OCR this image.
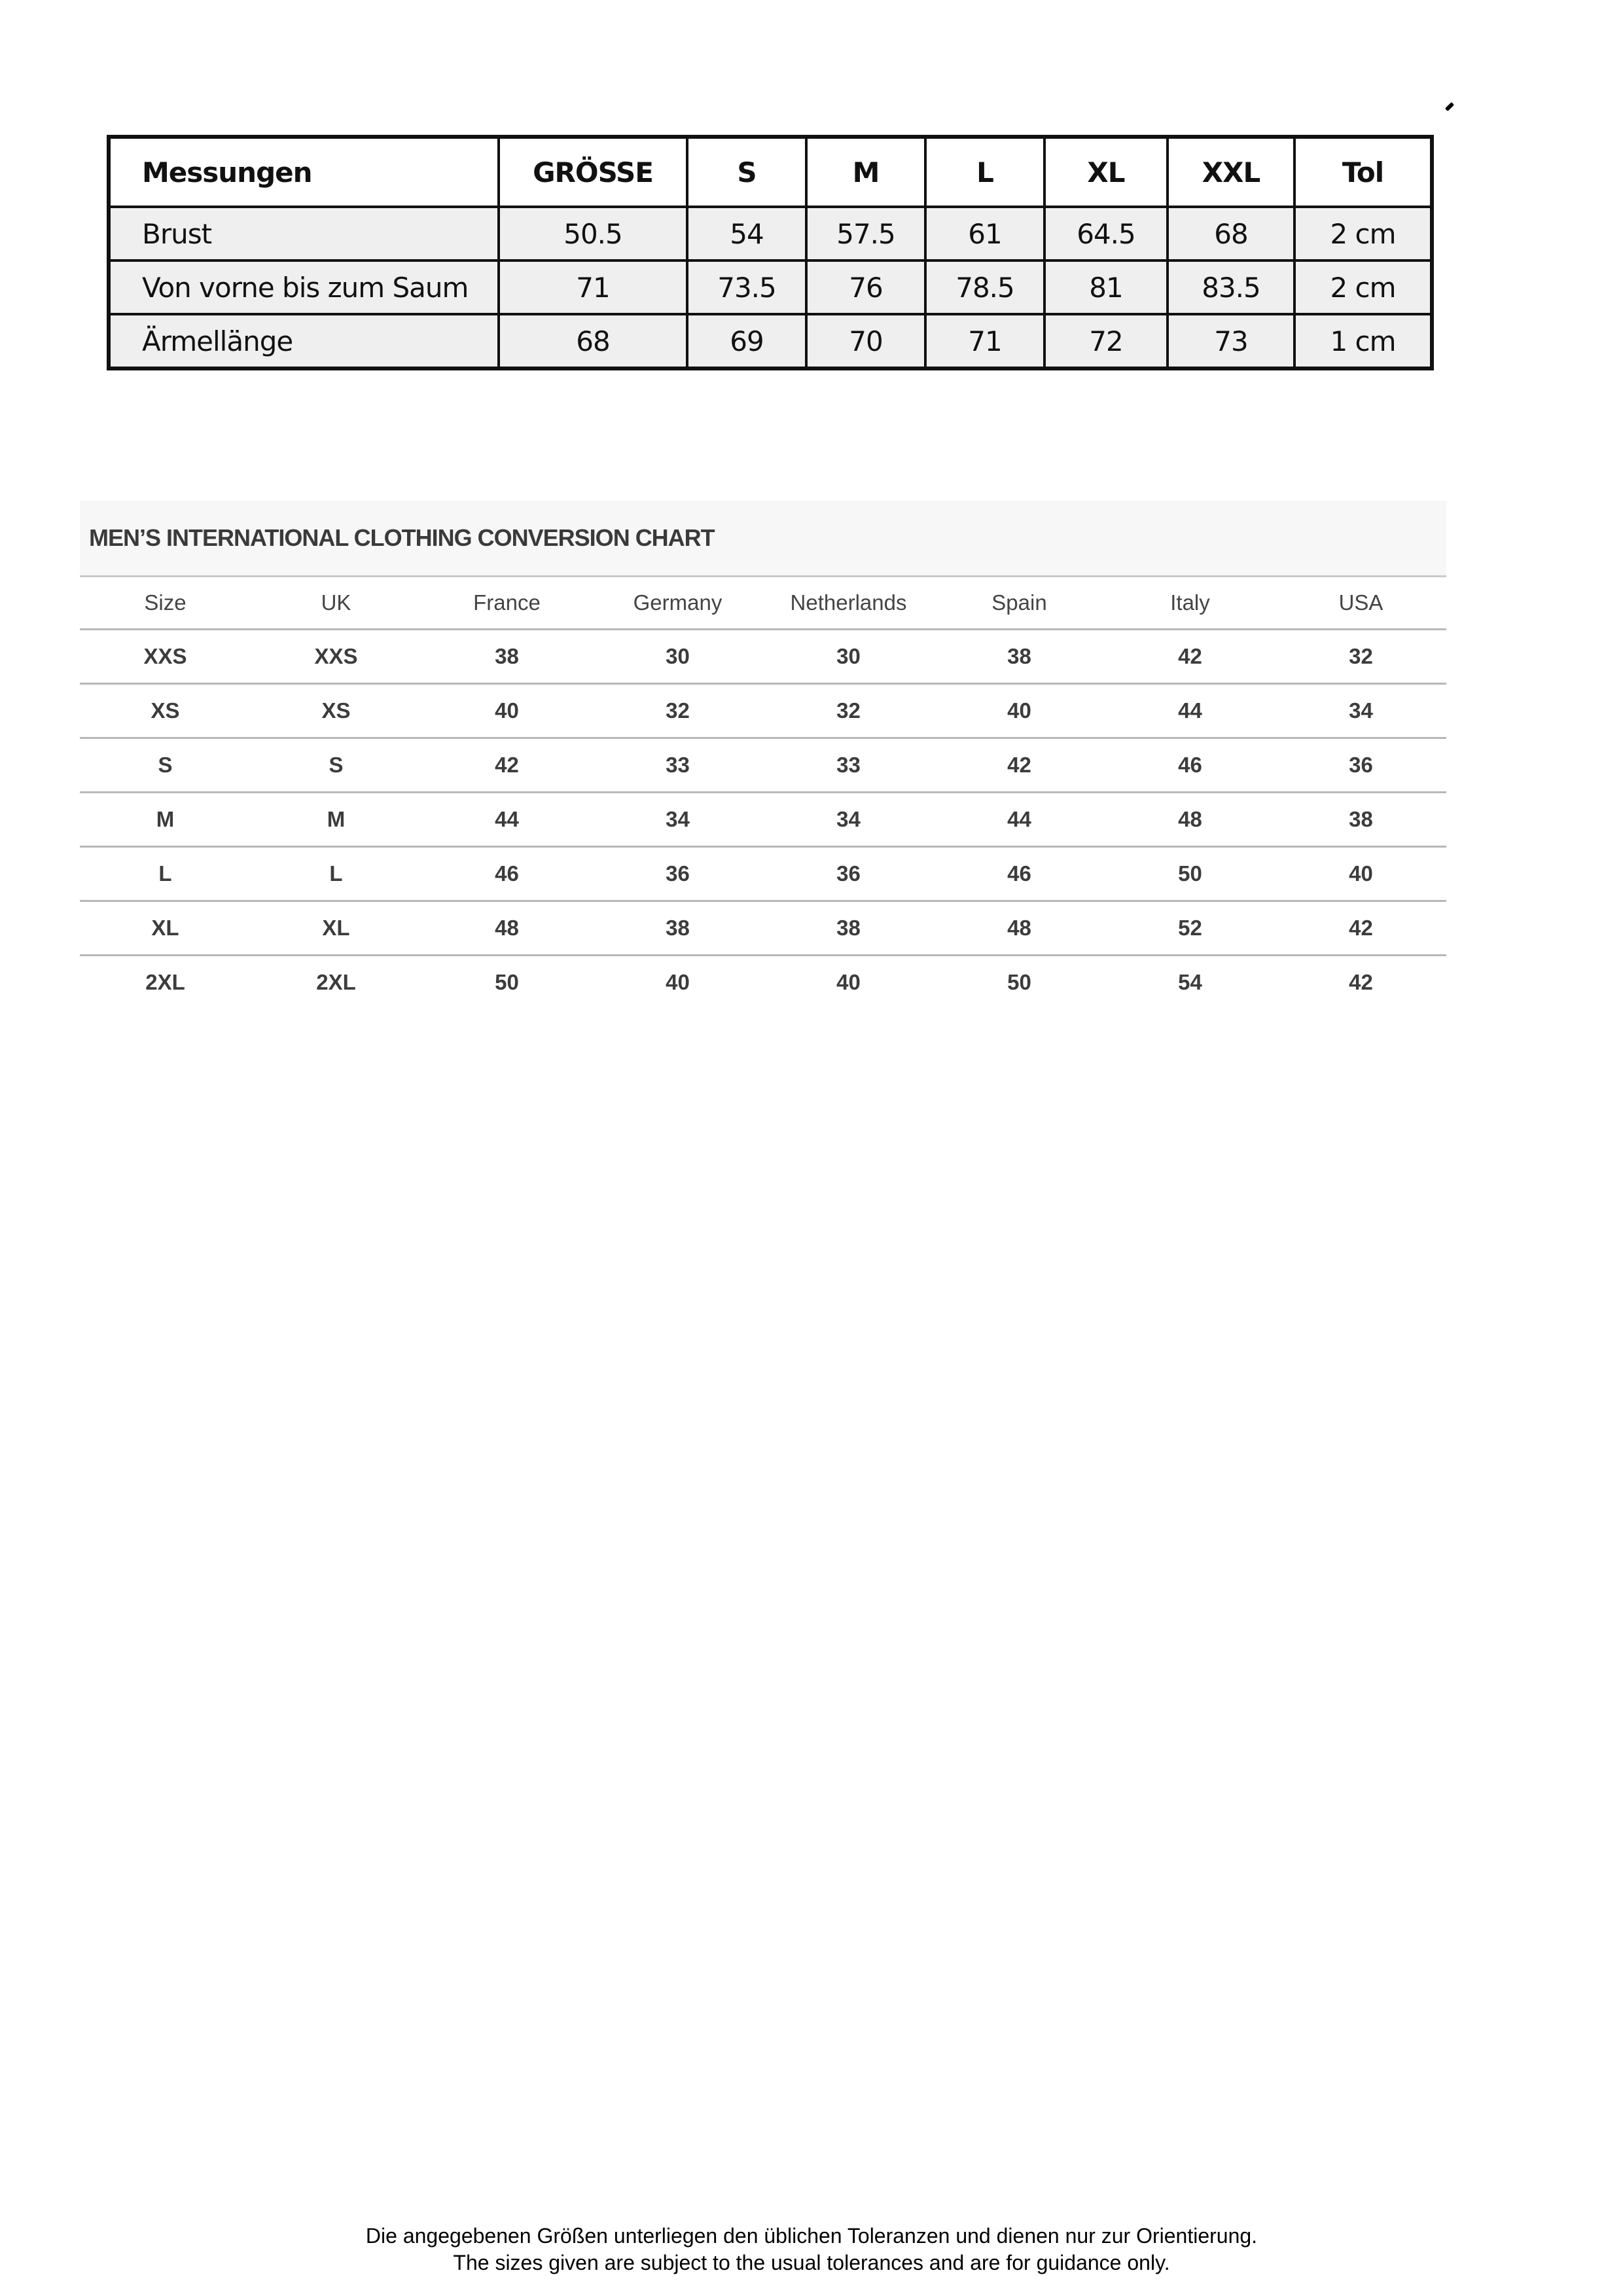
Messungen	GRÖSSE	S	M	L	XL	XXL	Tol
Brust	50.5	54	57.5	61	64.5	68	2 cm
Von vorne bis zum Saum	71	73.5	76	78.5	81	83.5	2 cm
Ärmellänge	68	69	70	71	72	73	1 cm
MEN’S INTERNATIONAL CLOTHING CONVERSION CHART
Size	UK	France	Germany	Netherlands	Spain	Italy	USA
XXS	XXS	38	30	30	38	42	32
XS	XS	40	32	32	40	44	34
S	S	42	33	33	42	46	36
M	M	44	34	34	44	48	38
L	L	46	36	36	46	50	40
XL	XL	48	38	38	48	52	42
2XL	2XL	50	40	40	50	54	42
Die angegebenen Größen unterliegen den üblichen Toleranzen und dienen nur zur Orientierung.
The sizes given are subject to the usual tolerances and are for guidance only.
